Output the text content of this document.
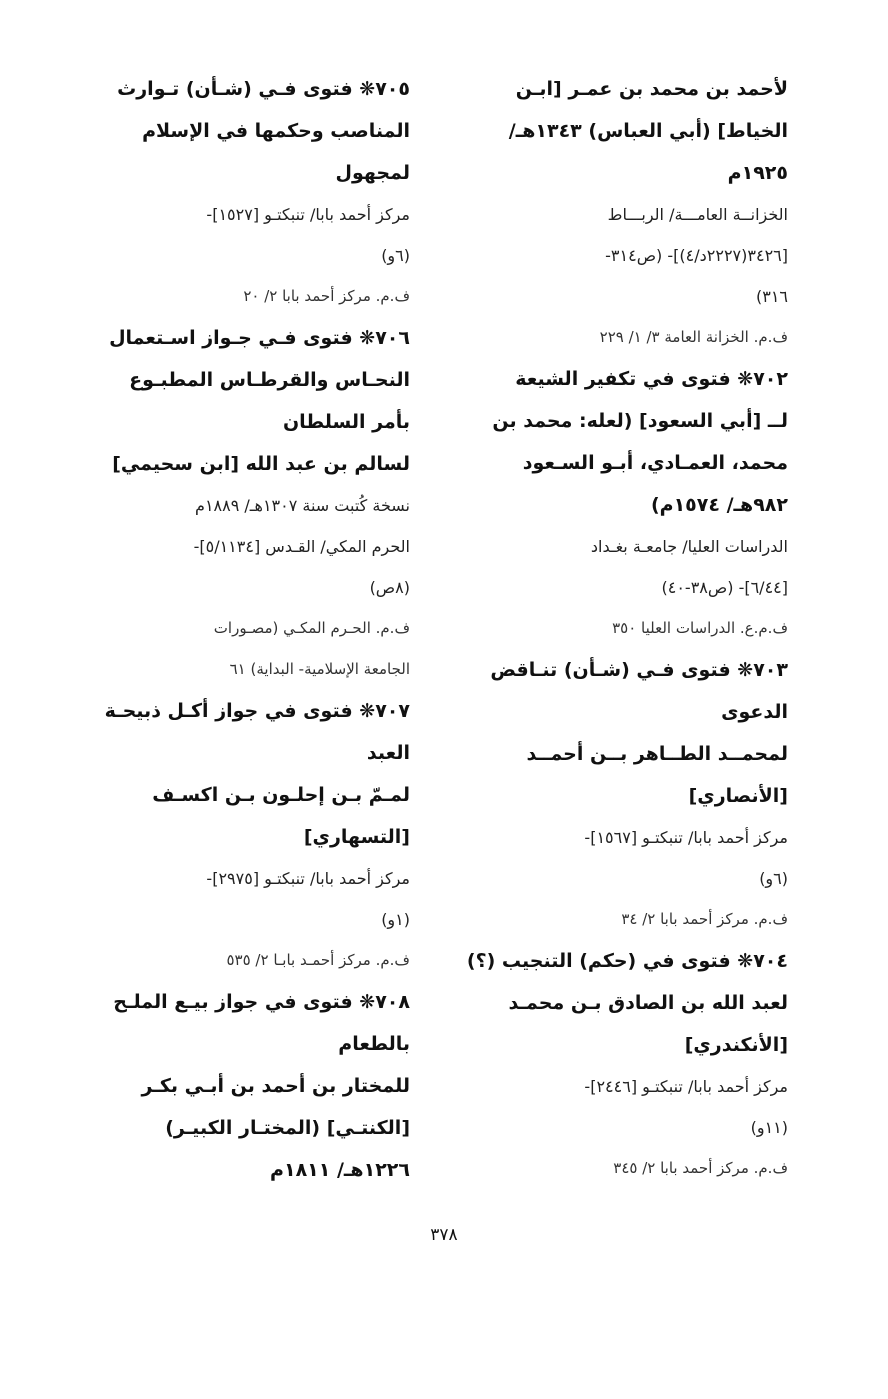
لأحمد بن محمد بن عمـر [ابـن

الخياط] (أبي العباس) ١٣٤٣هـ/

١٩٢٥م

الخزانــة العامـــة/ الربـــاط

[٣٤٢٦(٢٢٢٧د/٤)]- (ص٣١٤-

٣١٦)

ف.م. الخزانة العامة ٣/ ١/ ٢٢٩

٧٠٢❋ فتوى في تكفير الشيعة

لــ [أبي السعود] (لعله: محمد بن

محمد، العمـادي، أبـو السـعود

٩٨٢هـ/ ١٥٧٤م)

الدراسات العليا/ جامعـة بغـداد

[٦/٤٤]- (ص٣٨-٤٠)

ف.م.ع. الدراسات العليا ٣٥٠

٧٠٣❋ فتوى فـي (شـأن) تنـاقض

الدعوى

لمحمــد الطــاهر بــن أحمــد

[الأنصاري]

مركز أحمد بابا/ تنبكتـو [١٥٦٧]-

(٦و)

ف.م. مركز أحمد بابا ٢/ ٣٤

٧٠٤❋ فتوى في (حكم) التنجيب (؟)

لعبد الله بن الصادق بـن محمـد

[الأنكندري]

مركز أحمد بابا/ تنبكتـو [٢٤٤٦]-

(١١و)

ف.م. مركز أحمد بابا ٢/ ٣٤٥

٧٠٥❋ فتوى فـي (شـأن) تـوارث

المناصب وحكمها في الإسلام

لمجهول

مركز أحمد بابا/ تنبكتـو [١٥٢٧]-

(٦و)

ف.م. مركز أحمد بابا ٢/ ٢٠

٧٠٦❋ فتوى فـي جـواز اسـتعمال

النحـاس والقرطـاس المطبـوع

بأمر السلطان

لسالم بن عبد الله [ابن سحيمي]

نسخة كُتبت سنة ١٣٠٧هـ/ ١٨٨٩م

الحرم المكي/ القـدس [٥/١١٣٤]-

(٨ص)

ف.م. الحـرم المكـي (مصـورات

الجامعة الإسلامية- البداية) ٦١

٧٠٧❋ فتوى في جواز أكـل ذبيحـة

العبد

لمـمّ بـن إحلـون بـن اكسـف

[التسهاري]

مركز أحمد بابا/ تنبكتـو [٢٩٧٥]-

(١و)

ف.م. مركز أحمـد بابـا ٢/ ٥٣٥

٧٠٨❋ فتوى في جواز بيـع الملـح

بالطعام

للمختار بن أحمد بن أبـي بكـر

[الكنتـي] (المختـار الكبيـر)

١٢٢٦هـ/ ١٨١١م

٣٧٨
